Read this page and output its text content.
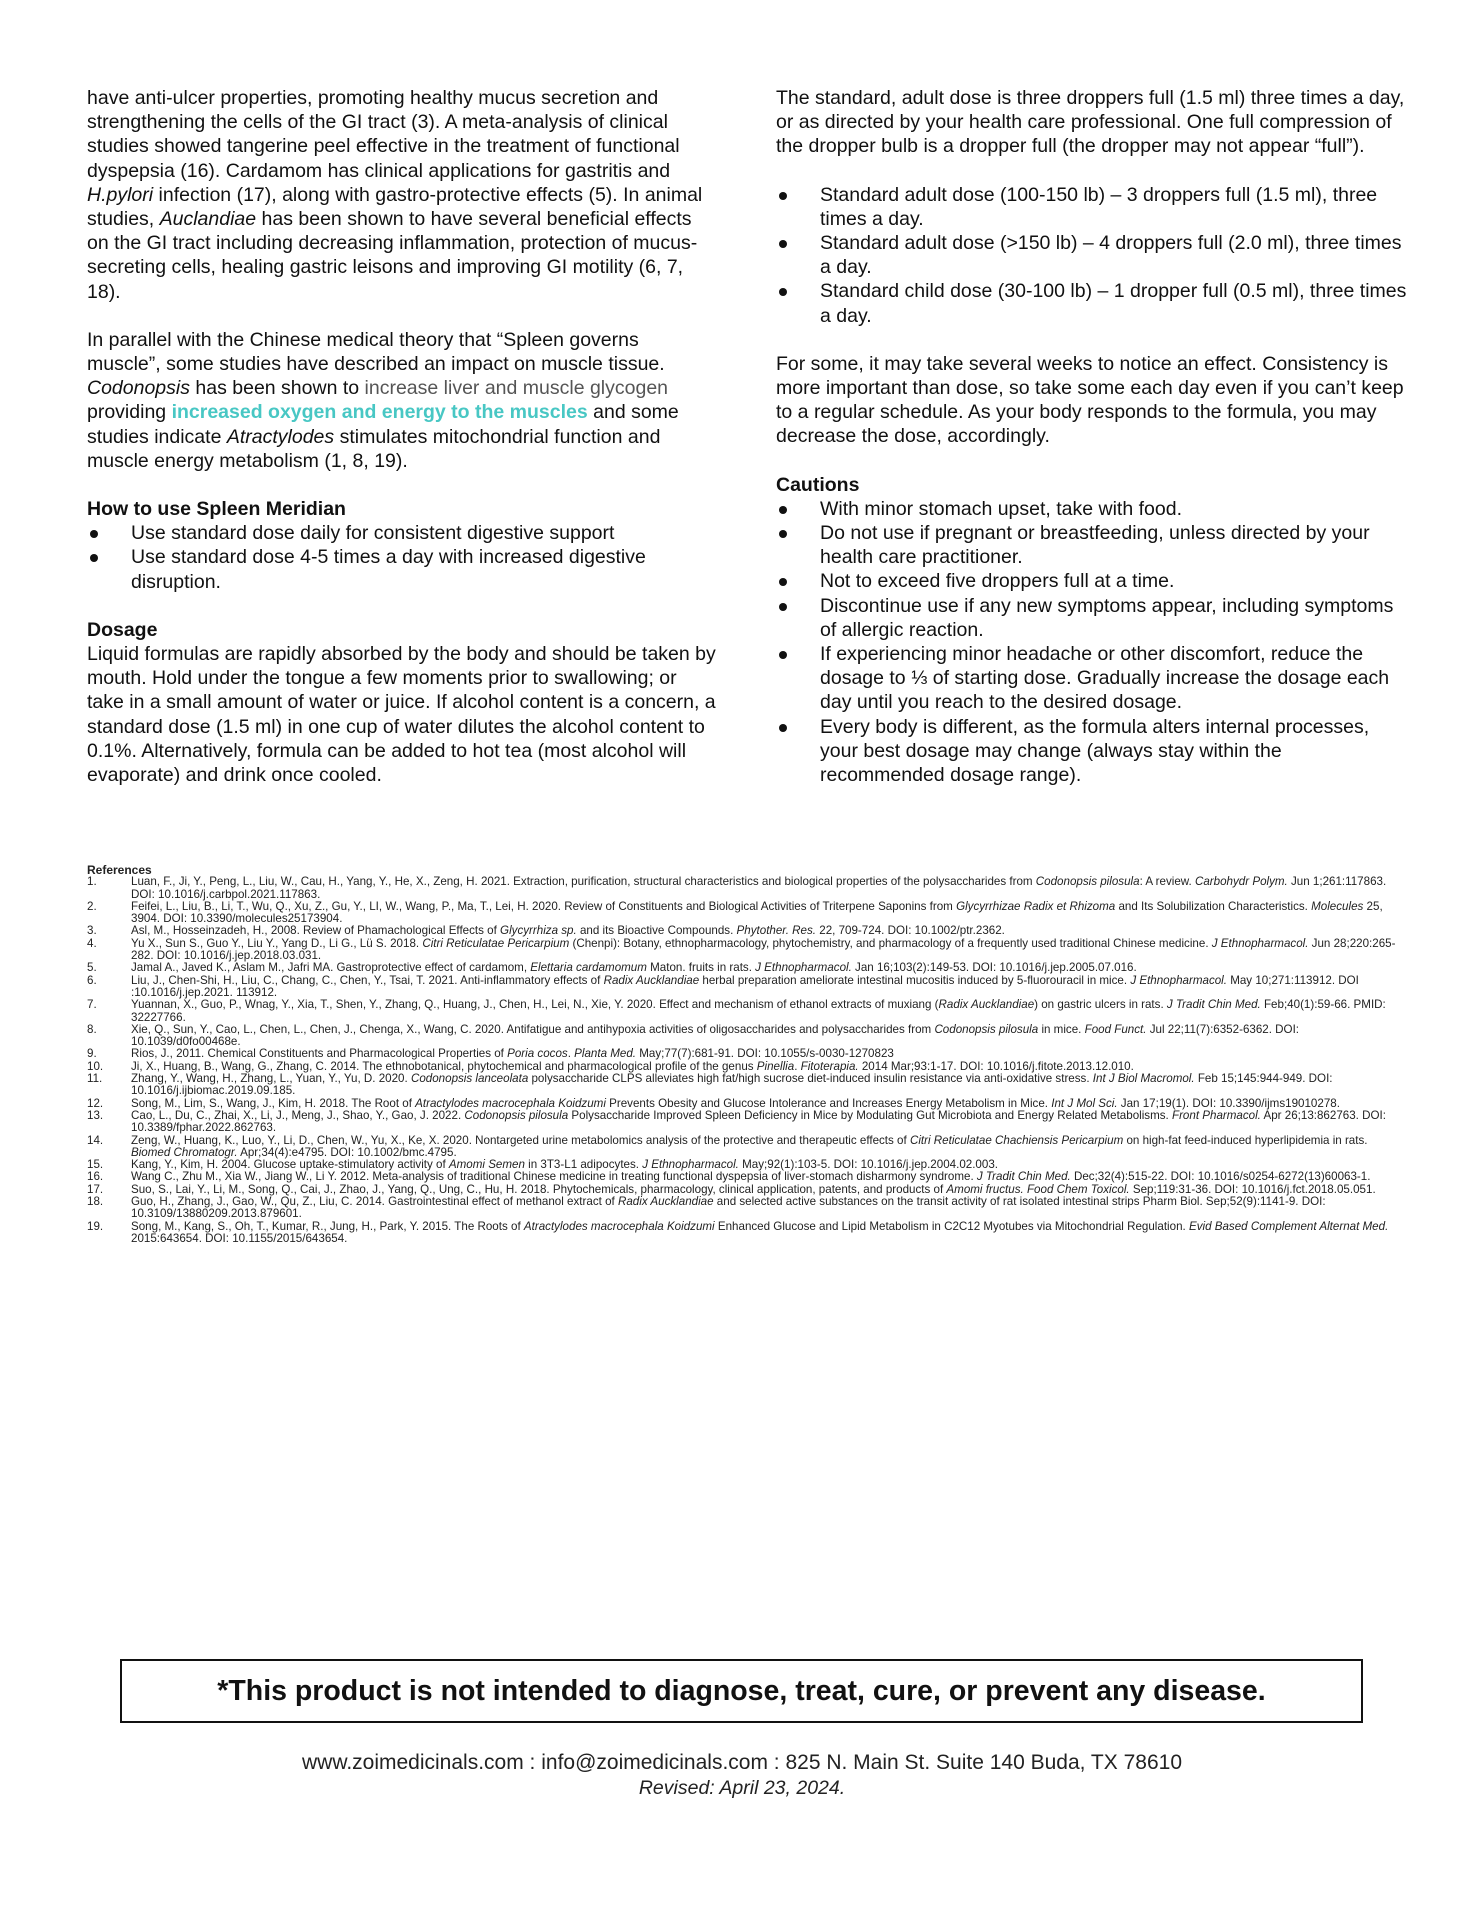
have anti-ulcer properties, promoting healthy mucus secretion and strengthening the cells of the GI tract (3). A meta-analysis of clinical studies showed tangerine peel effective in the treatment of functional dyspepsia (16). Cardamom has clinical applications for gastritis and H.pylori infection (17), along with gastro-protective effects (5). In animal studies, Auclandiae has been shown to have several beneficial effects on the GI tract including decreasing inflammation, protection of mucus-secreting cells, healing gastric leisons and improving GI motility (6, 7, 18).

In parallel with the Chinese medical theory that “Spleen governs muscle”, some studies have described an impact on muscle tissue. Codonopsis has been shown to increase liver and muscle glycogen providing increased oxygen and energy to the muscles and some studies indicate Atractylodes stimulates mitochondrial function and muscle energy metabolism (1, 8, 19).

How to use Spleen Meridian

Use standard dose daily for consistent digestive support
Use standard dose 4-5 times a day with increased digestive disruption.

Dosage

Liquid formulas are rapidly absorbed by the body and should be taken by mouth. Hold under the tongue a few moments prior to swallowing; or take in a small amount of water or juice. If alcohol content is a concern, a standard dose (1.5 ml) in one cup of water dilutes the alcohol content to 0.1%. Alternatively, formula can be added to hot tea (most alcohol will evaporate) and drink once cooled.

The standard, adult dose is three droppers full (1.5 ml) three times a day, or as directed by your health care professional. One full compression of the dropper bulb is a dropper full (the dropper may not appear “full”).

Standard adult dose (100-150 lb) – 3 droppers full (1.5 ml), three times a day.
Standard adult dose (>150 lb) – 4 droppers full (2.0 ml), three times a day.
Standard child dose (30-100 lb) – 1 dropper full (0.5 ml), three times a day.

For some, it may take several weeks to notice an effect. Consistency is more important than dose, so take some each day even if you can’t keep to a regular schedule. As your body responds to the formula, you may decrease the dose, accordingly.

Cautions

With minor stomach upset, take with food.
Do not use if pregnant or breastfeeding, unless directed by your health care practitioner.
Not to exceed five droppers full at a time.
Discontinue use if any new symptoms appear, including symptoms of allergic reaction.
If experiencing minor headache or other discomfort, reduce the dosage to ⅓ of starting dose. Gradually increase the dosage each day until you reach to the desired dosage.
Every body is different, as the formula alters internal processes, your best dosage may change (always stay within the recommended dosage range).
References
1.	Luan, F., Ji, Y., Peng, L., Liu, W., Cau, H., Yang, Y., He, X., Zeng, H. 2021. Extraction, purification, structural characteristics and biological properties of the polysaccharides from Codonopsis pilosula: A review. Carbohydr Polym. Jun 1;261:117863. DOI: 10.1016/j.carbpol.2021.117863.
2.	Feifei, L., Liu, B., Li, T., Wu, Q., Xu, Z., Gu, Y., LI, W., Wang, P., Ma, T., Lei, H. 2020. Review of Constituents and Biological Activities of Triterpene Saponins from Glycyrrhizae Radix et Rhizoma and Its Solubilization Characteristics. Molecules 25, 3904. DOI: 10.3390/molecules25173904.
3.	Asl, M., Hosseinzadeh, H., 2008. Review of Phamachological Effects of Glycyrrhiza sp. and its Bioactive Compounds. Phytother. Res. 22, 709-724. DOI: 10.1002/ptr.2362.
4.	Yu X., Sun S., Guo Y., Liu Y., Yang D., Li G., Lü S. 2018. Citri Reticulatae Pericarpium (Chenpi): Botany, ethnopharmacology, phytochemistry, and pharmacology of a frequently used traditional Chinese medicine. J Ethnopharmacol. Jun 28;220:265-282. DOI: 10.1016/j.jep.2018.03.031.
5.	Jamal A., Javed K., Aslam M., Jafri MA. Gastroprotective effect of cardamom, Elettaria cardamomum Maton. fruits in rats. J Ethnopharmacol. Jan 16;103(2):149-53. DOI: 10.1016/j.jep.2005.07.016.
6.	Liu, J., Chen-Shi, H., Liu, C., Chang, C., Chen, Y., Tsai, T. 2021. Anti-inflammatory effects of Radix Aucklandiae herbal preparation ameliorate intestinal mucositis induced by 5-fluorouracil in mice. J Ethnopharmacol. May 10;271:113912. DOI :10.1016/j.jep.2021. 113912.
7.	Yuannan, X., Guo, P., Wnag, Y., Xia, T., Shen, Y., Zhang, Q., Huang, J., Chen, H., Lei, N., Xie, Y. 2020. Effect and mechanism of ethanol extracts of muxiang (Radix Aucklandiae) on gastric ulcers in rats. J Tradit Chin Med. Feb;40(1):59-66. PMID: 32227766.
8.	Xie, Q., Sun, Y., Cao, L., Chen, L., Chen, J., Chenga, X., Wang, C. 2020. Antifatigue and antihypoxia activities of oligosaccharides and polysaccharides from Codonopsis pilosula in mice. Food Funct. Jul 22;11(7):6352-6362. DOI: 10.1039/d0fo00468e.
9.	Rios, J., 2011. Chemical Constituents and Pharmacological Properties of Poria cocos. Planta Med. May;77(7):681-91. DOI: 10.1055/s-0030-1270823
10. Ji, X., Huang, B., Wang, G., Zhang, C. 2014. The ethnobotanical, phytochemical and pharmacological profile of the genus Pinellia. Fitoterapia. 2014 Mar;93:1-17. DOI: 10.1016/j.fitote.2013.12.010.
11. Zhang, Y., Wang, H., Zhang, L., Yuan, Y., Yu, D. 2020. Codonopsis lanceolata polysaccharide CLPS alleviates high fat/high sucrose diet-induced insulin resistance via anti-oxidative stress. Int J Biol Macromol. Feb 15;145:944-949. DOI: 10.1016/j.ijbiomac.2019.09.185.
12. Song, M., Lim, S., Wang, J., Kim, H. 2018. The Root of Atractylodes macrocephala Koidzumi Prevents Obesity and Glucose Intolerance and Increases Energy Metabolism in Mice. Int J Mol Sci. Jan 17;19(1). DOI: 10.3390/ijms19010278.
13. Cao, L., Du, C., Zhai, X., Li, J., Meng, J., Shao, Y., Gao, J. 2022. Codonopsis pilosula Polysaccharide Improved Spleen Deficiency in Mice by Modulating Gut Microbiota and Energy Related Metabolisms. Front Pharmacol. Apr 26;13:862763. DOI: 10.3389/fphar.2022.862763.
14. Zeng, W., Huang, K., Luo, Y., Li, D., Chen, W., Yu, X., Ke, X. 2020. Nontargeted urine metabolomics analysis of the protective and therapeutic effects of Citri Reticulatae Chachiensis Pericarpium on high-fat feed-induced hyperlipidemia in rats. Biomed Chromatogr. Apr;34(4):e4795. DOI: 10.1002/bmc.4795.
15. Kang, Y., Kim, H. 2004. Glucose uptake-stimulatory activity of Amomi Semen in 3T3-L1 adipocytes. J Ethnopharmacol. May;92(1):103-5. DOI: 10.1016/j.jep.2004.02.003.
16. Wang C., Zhu M., Xia W., Jiang W., Li Y. 2012. Meta-analysis of traditional Chinese medicine in treating functional dyspepsia of liver-stomach disharmony syndrome. J Tradit Chin Med. Dec;32(4):515-22. DOI: 10.1016/s0254-6272(13)60063-1.
17. Suo, S., Lai, Y., Li, M., Song, Q., Cai, J., Zhao, J., Yang, Q., Ung, C., Hu, H. 2018. Phytochemicals, pharmacology, clinical application, patents, and products of Amomi fructus. Food Chem Toxicol. Sep;119:31-36. DOI: 10.1016/j.fct.2018.05.051.
18. Guo, H., Zhang, J., Gao, W., Qu, Z., Liu, C. 2014. Gastrointestinal effect of methanol extract of Radix Aucklandiae and selected active substances on the transit activity of rat isolated intestinal strips Pharm Biol. Sep;52(9):1141-9. DOI: 10.3109/13880209.2013.879601.
19. Song, M., Kang, S., Oh, T., Kumar, R., Jung, H., Park, Y. 2015. The Roots of Atractylodes macrocephala Koidzumi Enhanced Glucose and Lipid Metabolism in C2C12 Myotubes via Mitochondrial Regulation. Evid Based Complement Alternat Med. 2015:643654. DOI: 10.1155/2015/643654.
*This product is not intended to diagnose, treat, cure, or prevent any disease.
www.zoimedicinals.com : info@zoimedicinals.com : 825 N. Main St. Suite 140 Buda, TX 78610
Revised: April 23, 2024.
